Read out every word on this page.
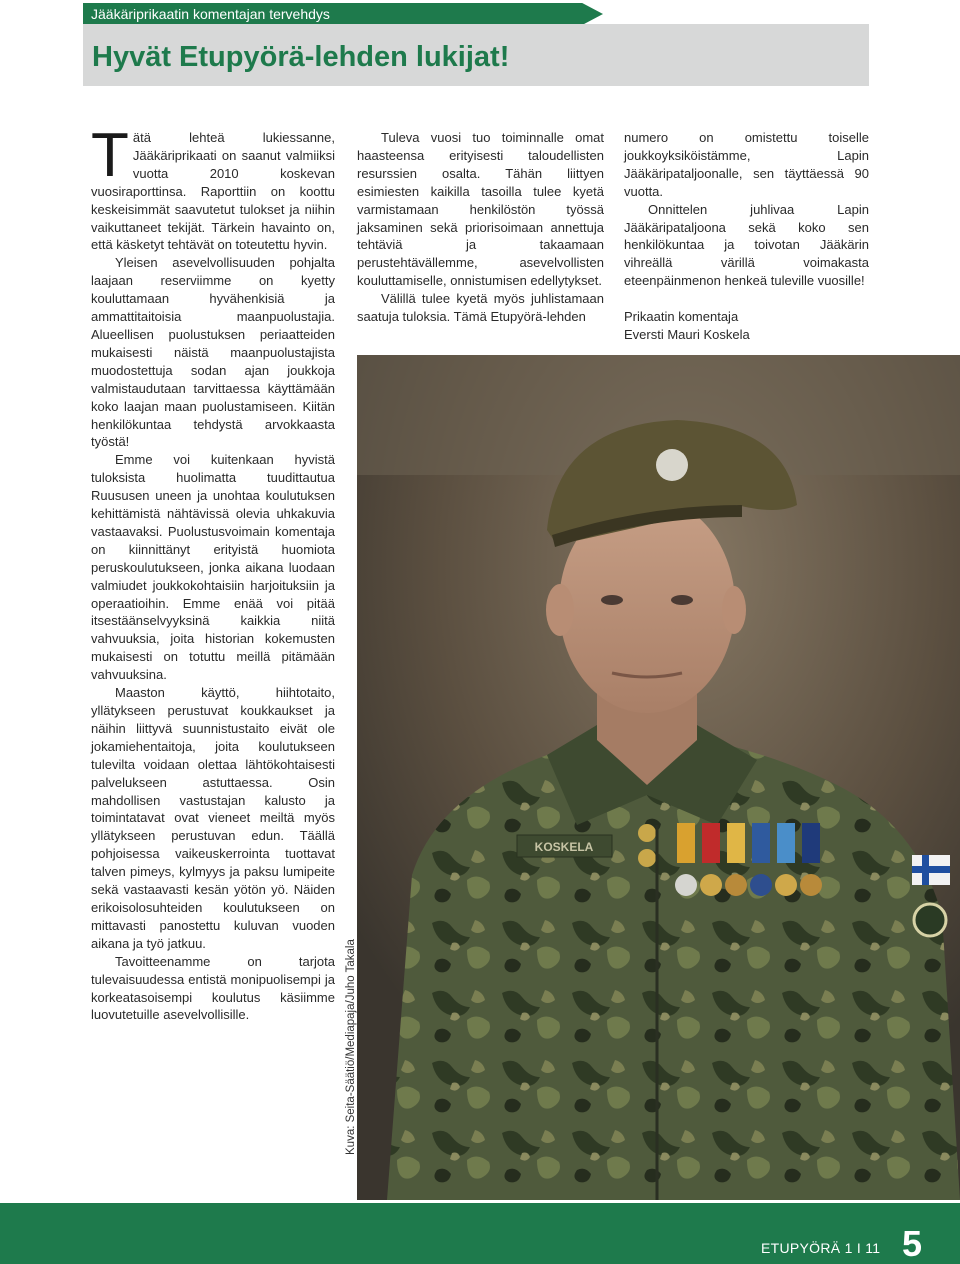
Jääkäriprikaatin komentajan tervehdys
Hyvät Etupyörä-lehden lukijat!

Tätä lehteä lukiessanne, Jääkäriprikaati on saanut valmiiksi vuotta 2010 koskevan vuosiraporttinsa. Raporttiin on koottu keskeisimmät saavutetut tulokset ja niihin vaikuttaneet tekijät. Tärkein havainto on, että käsketyt tehtävät on toteutettu hyvin.

Yleisen asevelvollisuuden pohjalta laajaan reserviimme on kyetty kouluttamaan hyvähenkisiä ja ammattitaitoisia maanpuolustajia. Alueellisen puolustuksen periaatteiden mukaisesti näistä maanpuolustajista muodostettuja sodan ajan joukkoja valmistaudutaan tarvittaessa käyttämään koko laajan maan puolustamiseen. Kiitän henkilökuntaa tehdystä arvokkaasta työstä!

Emme voi kuitenkaan hyvistä tuloksista huolimatta tuudittautua Ruususen uneen ja unohtaa koulutuksen kehittämistä nähtävissä olevia uhkakuvia vastaavaksi. Puolustusvoimain komentaja on kiinnittänyt erityistä huomiota peruskoulutukseen, jonka aikana luodaan valmiudet joukkokohtaisiin harjoituksiin ja operaatioihin. Emme enää voi pitää itsestäänselvyyksinä kaikkia niitä vahvuuksia, joita historian kokemusten mukaisesti on totuttu meillä pitämään vahvuuksina.

Maaston käyttö, hiihtotaito, yllätykseen perustuvat koukkaukset ja näihin liittyvä suunnistustaito eivät ole jokamiehentaitoja, joita koulutukseen tulevilta voidaan olettaa lähtökohtaisesti palvelukseen astuttaessa. Osin mahdollisen vastustajan kalusto ja toimintatavat ovat vieneet meiltä myös yllätykseen perustuvan edun. Täällä pohjoisessa vaikeuskerrointa tuottavat talven pimeys, kylmyys ja paksu lumipeite sekä vastaavasti kesän yötön yö. Näiden erikoisolosuhteiden koulutukseen on mittavasti panostettu kuluvan vuoden aikana ja työ jatkuu.

Tavoitteenamme on tarjota tulevaisuudessa entistä monipuolisempi ja korkeatasoisempi koulutus käsiimme luovutetuille asevelvollisille.

Tuleva vuosi tuo toiminnalle omat haasteensa erityisesti taloudellisten resurssien osalta. Tähän liittyen esimiesten kaikilla tasoilla tulee kyetä varmistamaan henkilöstön työssä jaksaminen sekä priorisoimaan annettuja tehtäviä ja takaamaan perustehtävällemme, asevelvollisten kouluttamiselle, onnistumisen edellytykset.

Välillä tulee kyetä myös juhlistamaan saatuja tuloksia. Tämä Etupyörä-lehden

numero on omistettu toiselle joukkoyksiköistämme, Lapin Jääkäripataljoonalle, sen täyttäessä 90 vuotta.

Onnittelen juhlivaa Lapin Jääkäripataljoona sekä koko sen henkilökuntaa ja toivotan Jääkärin vihreällä värillä voimakasta eteenpäinmenon henkeä tuleville vuosille!

Prikaatin komentaja

Eversti Mauri Koskela

KOSKELA
Kuva: Seita-Säätiö/Mediapaja/Juho Takala
ETUPYÖRÄ 1 I 11 5
